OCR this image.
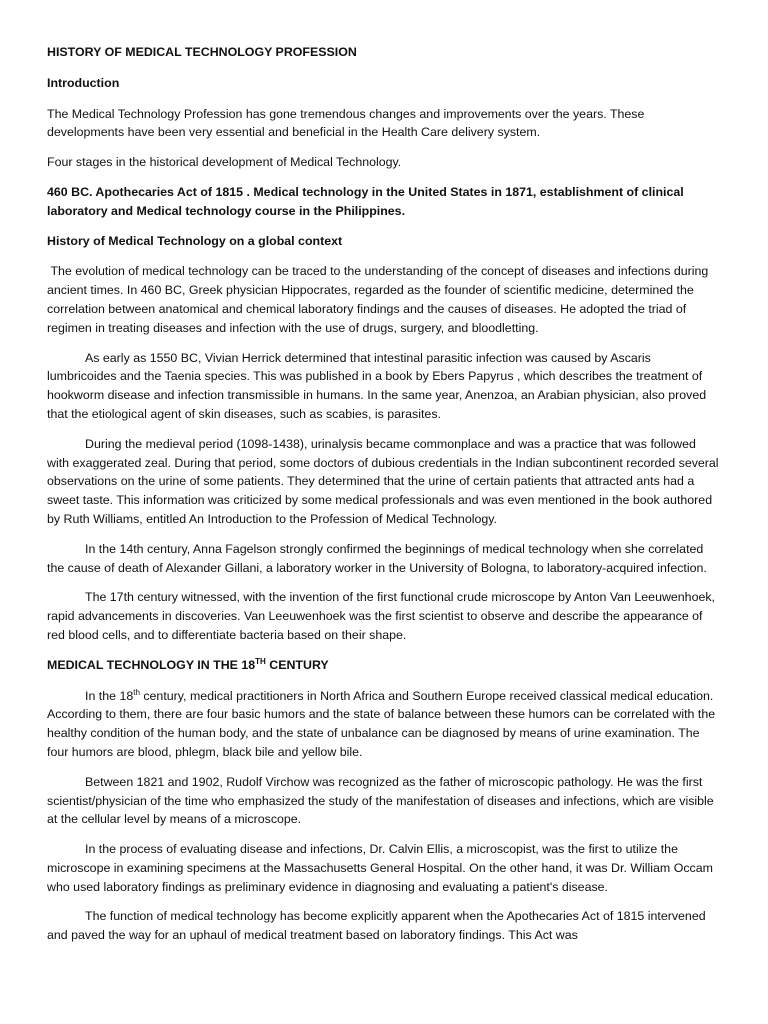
HISTORY OF MEDICAL TECHNOLOGY PROFESSION

Introduction

The Medical Technology Profession has gone tremendous changes and improvements over the years. These developments have been very essential and beneficial in the Health Care delivery system.

Four stages in the historical development of Medical Technology.

460 BC. Apothecaries Act of 1815 . Medical technology in the United States in 1871, establishment of clinical laboratory and Medical technology course in the Philippines.

History of Medical Technology on a global context

The evolution of medical technology can be traced to the understanding of the concept of diseases and infections during ancient times. In 460 BC, Greek physician Hippocrates, regarded as the founder of scientific medicine, determined the correlation between anatomical and chemical laboratory findings and the causes of diseases. He adopted the triad of regimen in treating diseases and infection with the use of drugs, surgery, and bloodletting.

As early as 1550 BC, Vivian Herrick determined that intestinal parasitic infection was caused by Ascaris lumbricoides and the Taenia species. This was published in a book by Ebers Papyrus , which describes the treatment of hookworm disease and infection transmissible in humans. In the same year, Anenzoa, an Arabian physician, also proved that the etiological agent of skin diseases, such as scabies, is parasites.

During the medieval period (1098-1438), urinalysis became commonplace and was a practice that was followed with exaggerated zeal. During that period, some doctors of dubious credentials in the Indian subcontinent recorded several observations on the urine of some patients. They determined that the urine of certain patients that attracted ants had a sweet taste. This information was criticized by some medical professionals and was even mentioned in the book authored by Ruth Williams, entitled An Introduction to the Profession of Medical Technology.

In the 14th century, Anna Fagelson strongly confirmed the beginnings of medical technology when she correlated the cause of death of Alexander Gillani, a laboratory worker in the University of Bologna, to laboratory-acquired infection.

The 17th century witnessed, with the invention of the first functional crude microscope by Anton Van Leeuwenhoek, rapid advancements in discoveries. Van Leeuwenhoek was the first scientist to observe and describe the appearance of red blood cells, and to differentiate bacteria based on their shape.

MEDICAL TECHNOLOGY IN THE 18TH CENTURY

In the 18th century, medical practitioners in North Africa and Southern Europe received classical medical education. According to them, there are four basic humors and the state of balance between these humors can be correlated with the healthy condition of the human body, and the state of unbalance can be diagnosed by means of urine examination. The four humors are blood, phlegm, black bile and yellow bile.

Between 1821 and 1902, Rudolf Virchow was recognized as the father of microscopic pathology. He was the first scientist/physician of the time who emphasized the study of the manifestation of diseases and infections, which are visible at the cellular level by means of a microscope.

In the process of evaluating disease and infections, Dr. Calvin Ellis, a microscopist, was the first to utilize the microscope in examining specimens at the Massachusetts General Hospital. On the other hand, it was Dr. William Occam who used laboratory findings as preliminary evidence in diagnosing and evaluating a patient's disease.

The function of medical technology has become explicitly apparent when the Apothecaries Act of 1815 intervened and paved the way for an uphaul of medical treatment based on laboratory findings. This Act was
